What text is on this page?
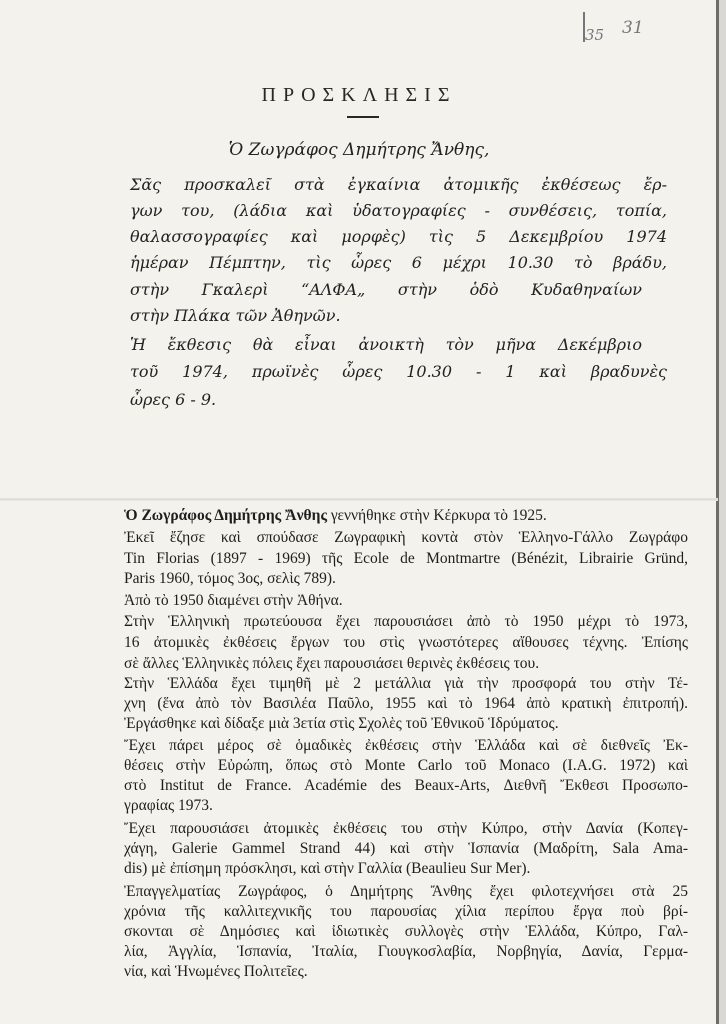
35 31
ΠΡΟΣΚΛΗΣΙΣ
Ὁ Ζωγράφος Δημήτρης Ἄνθης,
Σᾶς προσκαλεῖ στὰ ἐγκαίνια ἀτομικῆς ἐκθέσεως ἔρ-
γων του, (λάδια καὶ ὑδατογραφίες - συνθέσεις, τοπία,
θαλασσογραφίες καὶ μορφὲς) τὶς 5 Δεκεμβρίου 1974
ἡμέραν Πέμπτην, τὶς ὧρες 6 μέχρι 10.30 τὸ βράδυ,
στὴν Γκαλερὶ “ΑΛΦΑ„ στὴν ὁδὸ Κυδαθηναίων
στὴν Πλάκα τῶν Ἀθηνῶν.
Ἡ ἔκθεσις θὰ εἶναι ἀνοικτὴ τὸν μῆνα Δεκέμβριο
τοῦ 1974, πρωϊνὲς ὧρες 10.30 - 1 καὶ βραδυνὲς
ὧρες 6 - 9.
Ὁ Ζωγράφος Δημήτρης Ἄνθης γεννήθηκε στὴν Κέρκυρα τὸ 1925.
Ἐκεῖ ἔζησε καὶ σπούδασε Ζωγραφικὴ κοντὰ στὸν Ἑλληνο-Γάλλο Ζωγράφο
Tin Florias (1897 - 1969) τῆς Ecole de Montmartre (Bénézit, Librairie Gründ,
Paris 1960, τόμος 3ος, σελὶς 789).
Ἀπὸ τὸ 1950 διαμένει στὴν Ἀθήνα.
Στὴν Ἑλληνικὴ πρωτεύουσα ἔχει παρουσιάσει ἀπὸ τὸ 1950 μέχρι τὸ 1973,
16 ἀτομικὲς ἐκθέσεις ἔργων του στὶς γνωστότερες αἴθουσες τέχνης. Ἐπίσης
σὲ ἄλλες Ἑλληνικὲς πόλεις ἔχει παρουσιάσει θερινὲς ἐκθέσεις του.
Στὴν Ἑλλάδα ἔχει τιμηθῆ μὲ 2 μετάλλια γιὰ τὴν προσφορά του στὴν Τέ-
χνη (ἕνα ἀπὸ τὸν Βασιλέα Παῦλο, 1955 καὶ τὸ 1964 ἀπὸ κρατικὴ ἐπιτροπή).
Ἐργάσθηκε καὶ δίδαξε μιὰ 3ετία στὶς Σχολὲς τοῦ Ἐθνικοῦ Ἱδρύματος.
Ἔχει πάρει μέρος σὲ ὁμαδικὲς ἐκθέσεις στὴν Ἑλλάδα καὶ σὲ διεθνεῖς Ἐκ-
θέσεις στὴν Εὐρώπη, ὅπως στὸ Monte Carlo τοῦ Monaco (I.A.G. 1972) καὶ
στὸ Institut de France. Académie des Beaux-Arts, Διεθνῆ Ἔκθεσι Προσωπο-
γραφίας 1973.
Ἔχει παρουσιάσει ἀτομικὲς ἐκθέσεις του στὴν Κύπρο, στὴν Δανία (Κοπεγ-
χάγη, Galerie Gammel Strand 44) καὶ στὴν Ἱσπανία (Μαδρίτη, Sala Ama-
dis) μὲ ἐπίσημη πρόσκλησι, καὶ στὴν Γαλλία (Beaulieu Sur Mer).
Ἐπαγγελματίας Ζωγράφος, ὁ Δημήτρης Ἄνθης ἔχει φιλοτεχνήσει στὰ 25
χρόνια τῆς καλλιτεχνικῆς του παρουσίας χίλια περίπου ἔργα ποὺ βρί-
σκονται σὲ Δημόσιες καὶ ἰδιωτικὲς συλλογὲς στὴν Ἑλλάδα, Κύπρο, Γαλ-
λία, Ἀγγλία, Ἱσπανία, Ἰταλία, Γιουγκοσλαβία, Νορβηγία, Δανία, Γερμα-
νία, καὶ Ἡνωμένες Πολιτεῖες.
